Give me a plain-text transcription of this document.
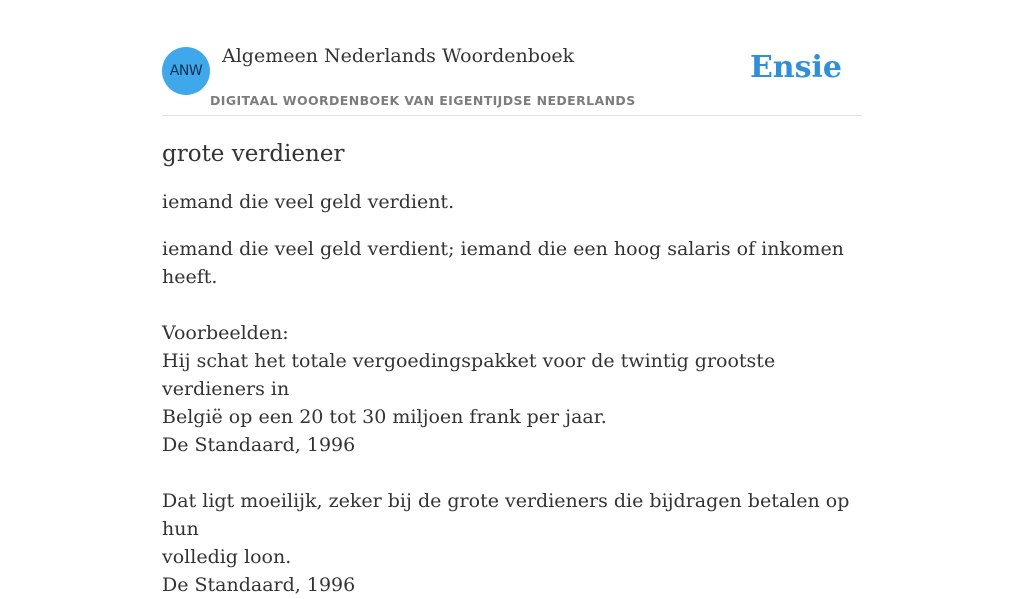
ANW
Algemeen Nederlands Woordenboek
DIGITAAL WOORDENBOEK VAN EIGENTIJDSE NEDERLANDS
Ensie
grote verdiener

iemand die veel geld verdient.

iemand die veel geld verdient; iemand die een hoog salaris of inkomen heeft.

Voorbeelden:
Hij schat het totale vergoedingspakket voor de twintig grootste verdieners in
België op een 20 tot 30 miljoen frank per jaar.
De Standaard, 1996
Dat ligt moeilijk, zeker bij de grote verdieners die bijdragen betalen op hun
volledig loon.
De Standaard, 1996
